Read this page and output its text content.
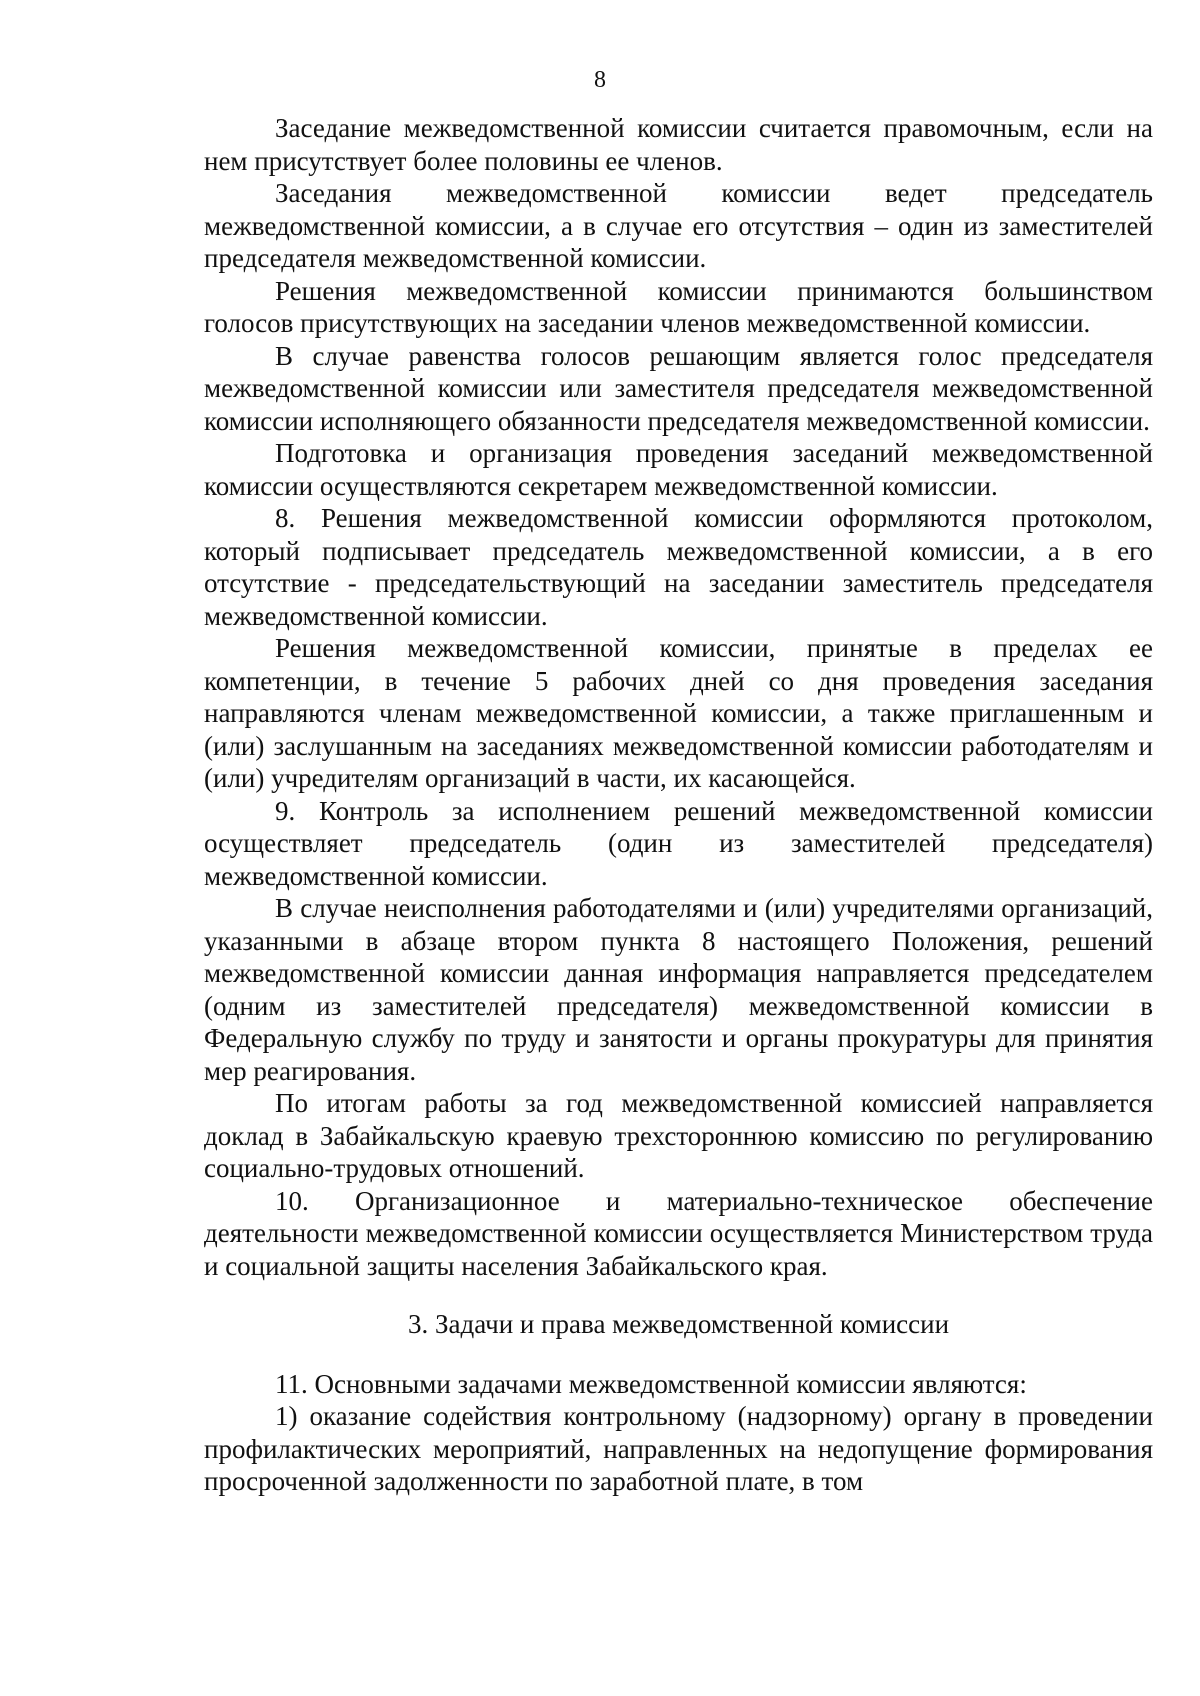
8

Заседание межведомственной комиссии считается правомочным, если на нем присутствует более половины ее членов.

Заседания межведомственной комиссии ведет председатель межведомственной комиссии, а в случае его отсутствия – один из заместителей председателя межведомственной комиссии.

Решения межведомственной комиссии принимаются большинством голосов присутствующих на заседании членов межведомственной комиссии.

В случае равенства голосов решающим является голос председателя межведомственной комиссии или заместителя председателя межведомственной комиссии исполняющего обязанности председателя межведомственной комиссии.

Подготовка и организация проведения заседаний межведомственной комиссии осуществляются секретарем межведомственной комиссии.

8. Решения межведомственной комиссии оформляются протоколом, который подписывает председатель межведомственной комиссии, а в его отсутствие - председательствующий на заседании заместитель председателя межведомственной комиссии.

Решения межведомственной комиссии, принятые в пределах ее компетенции, в течение 5 рабочих дней со дня проведения заседания направляются членам межведомственной комиссии, а также приглашенным и (или) заслушанным на заседаниях межведомственной комиссии работодателям и (или) учредителям организаций в части, их касающейся.

9. Контроль за исполнением решений межведомственной комиссии осуществляет председатель (один из заместителей председателя) межведомственной комиссии.

В случае неисполнения работодателями и (или) учредителями организаций, указанными в абзаце втором пункта 8 настоящего Положения, решений межведомственной комиссии данная информация направляется председателем (одним из заместителей председателя) межведомственной комиссии в Федеральную службу по труду и занятости и органы прокуратуры для принятия мер реагирования.

По итогам работы за год межведомственной комиссией направляется доклад в Забайкальскую краевую трехстороннюю комиссию по регулированию социально-трудовых отношений.

10. Организационное и материально-техническое обеспечение деятельности межведомственной комиссии осуществляется Министерством труда и социальной защиты населения Забайкальского края.

3. Задачи и права межведомственной комиссии

11. Основными задачами межведомственной комиссии являются:

1) оказание содействия контрольному (надзорному) органу в проведении профилактических мероприятий, направленных на недопущение формирования просроченной задолженности по заработной плате, в том
